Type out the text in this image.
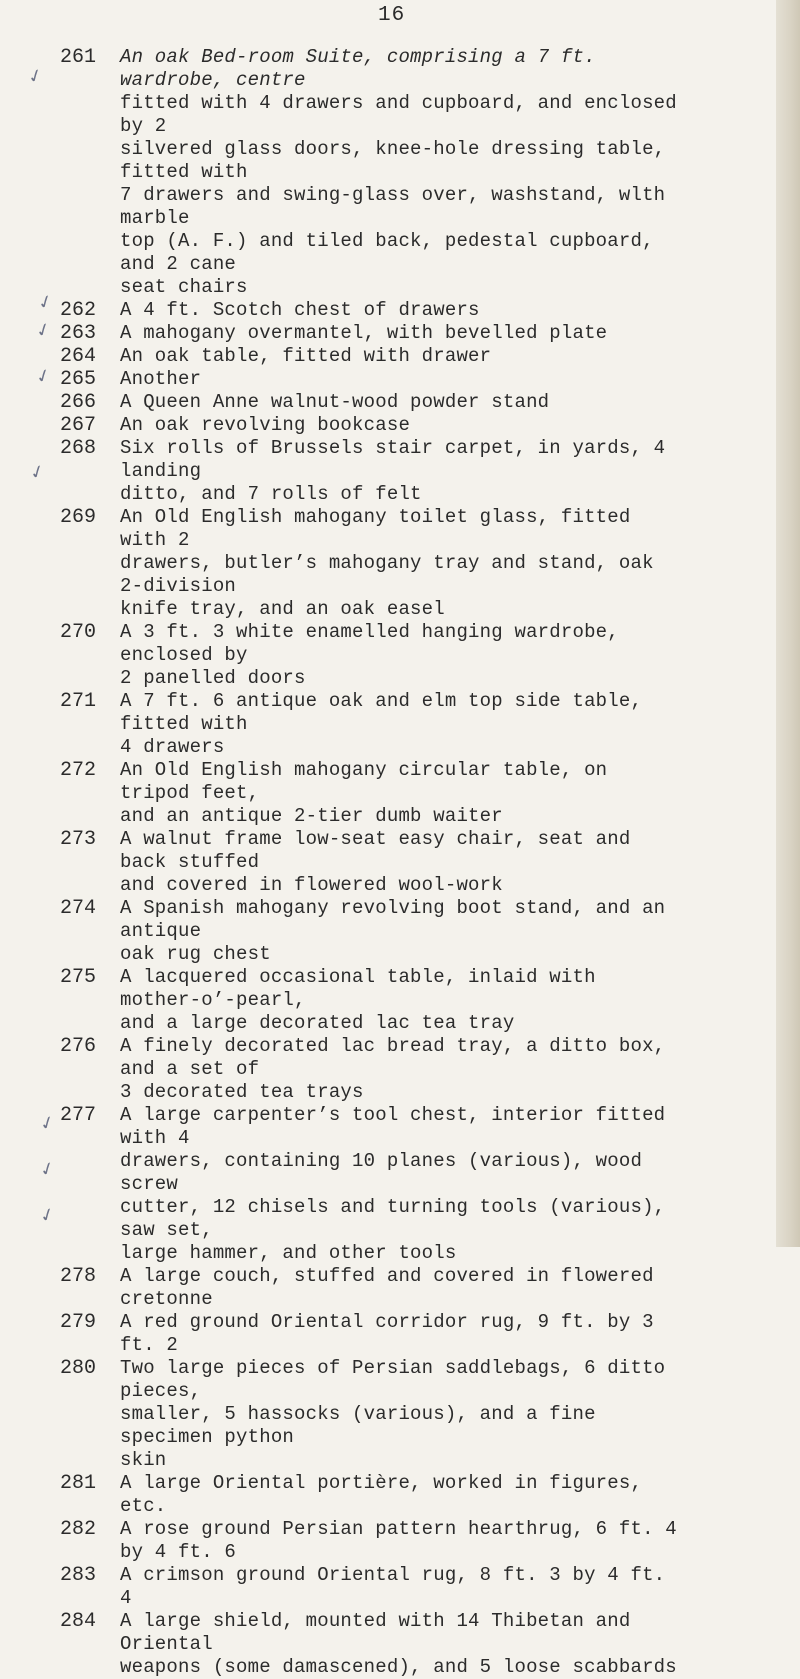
16
261	An oak Bed-room Suite, comprising a 7 ft. wardrobe, centre
fitted with 4 drawers and cupboard, and enclosed by 2
silvered glass doors, knee-hole dressing table, fitted with
7 drawers and swing-glass over, washstand, wlth marble
top (A. F.) and tiled back, pedestal cupboard, and 2 cane
seat chairs
262	A 4 ft. Scotch chest of drawers
263	A mahogany overmantel, with bevelled plate
264	An oak table, fitted with drawer
265	Another
266	A Queen Anne walnut-wood powder stand
267	An oak revolving bookcase
268	Six rolls of Brussels stair carpet, in yards, 4 landing
ditto, and 7 rolls of felt
269	An Old English mahogany toilet glass, fitted with 2
drawers, butler’s mahogany tray and stand, oak 2-division
knife tray, and an oak easel
270	A 3 ft. 3 white enamelled hanging wardrobe, enclosed by
2 panelled doors
271	A 7 ft. 6 antique oak and elm top side table, fitted with
4 drawers
272	An Old English mahogany circular table, on tripod feet,
and an antique 2-tier dumb waiter
273	A walnut frame low-seat easy chair, seat and back stuffed
and covered in flowered wool-work
274	A Spanish mahogany revolving boot stand, and an antique
oak rug chest
275	A lacquered occasional table, inlaid with mother-o’-pearl,
and a large decorated lac tea tray
276	A finely decorated lac bread tray, a ditto box, and a set of
3 decorated tea trays
277	A large carpenter’s tool chest, interior fitted with 4
drawers, containing 10 planes (various), wood screw
cutter, 12 chisels and turning tools (various), saw set,
large hammer, and other tools
278	A large couch, stuffed and covered in flowered cretonne
279	A red ground Oriental corridor rug, 9 ft. by 3 ft. 2
280	Two large pieces of Persian saddlebags, 6 ditto pieces,
smaller, 5 hassocks (various), and a fine specimen python
skin
281	A large Oriental portière, worked in figures, etc.
282	A rose ground Persian pattern hearthrug, 6 ft. 4 by 4 ft. 6
283	A crimson ground Oriental rug, 8 ft. 3 by 4 ft. 4
284	A large shield, mounted with 14 Thibetan and Oriental
weapons (some damascened), and 5 loose scabbards
✓
✓
✓
✓
✓
✓
✓
✓
